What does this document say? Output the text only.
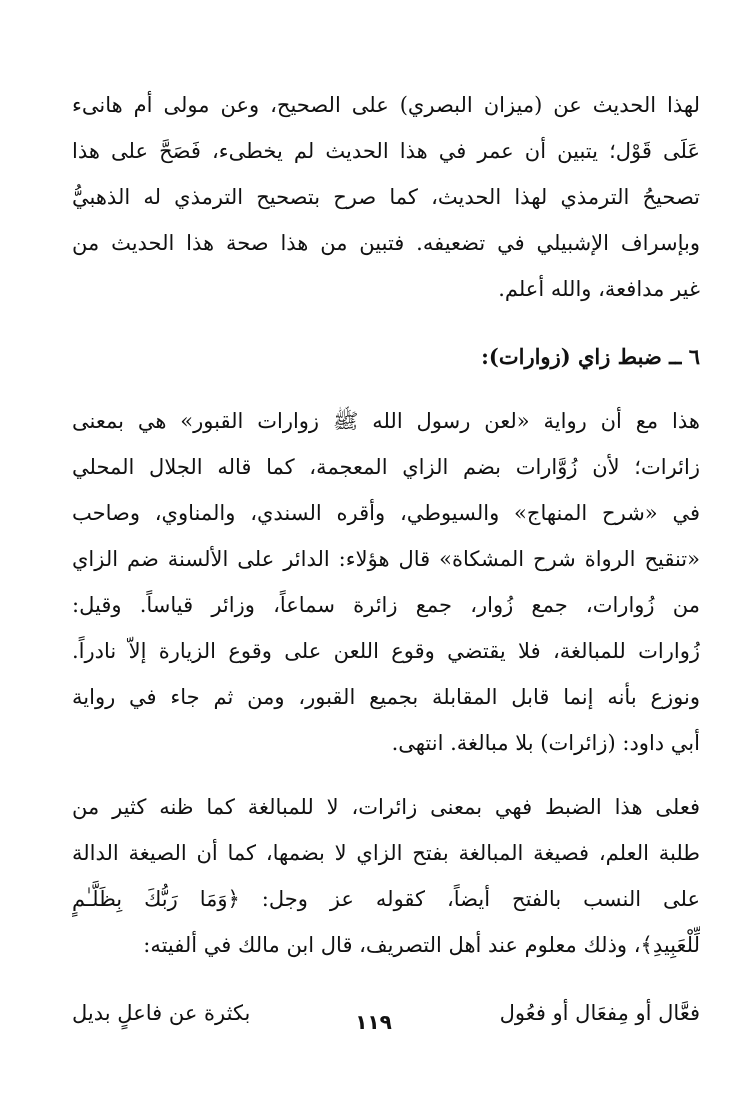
لهذا الحديث عن (ميزان البصري) على الصحيح، وعن مولى أم هانىء
عَلَى قَوْل؛ يتبين أن عمر في هذا الحديث لم يخطىء، فَصَحَّ على هذا
تصحيحُ الترمذي لهذا الحديث، كما صرح بتصحيح الترمذي له الذهبيُّ
وبإسراف الإشبيلي في تضعيفه. فتبين من هذا صحة هذا الحديث من
غير مدافعة، والله أعلم.
٦ ــ ضبط زاي (زوارات):
هذا مع أن رواية «لعن رسول الله ﷺ زوارات القبور» هي بمعنى
زائرات؛ لأن زُوَّارات بضم الزاي المعجمة، كما قاله الجلال المحلي
في «شرح المنهاج» والسيوطي، وأقره السندي، والمناوي، وصاحب
«تنقيح الرواة شرح المشكاة» قال هؤلاء: الدائر على الألسنة ضم الزاي
من زُوارات، جمع زُوار، جمع زائرة سماعاً، وزائر قياساً. وقيل:
زُوارات للمبالغة، فلا يقتضي وقوع اللعن على وقوع الزيارة إلاّ نادراً.
ونوزع بأنه إنما قابل المقابلة بجميع القبور، ومن ثم جاء في رواية
أبي داود: (زائرات) بلا مبالغة. انتهى.
فعلى هذا الضبط فهي بمعنى زائرات، لا للمبالغة كما ظنه كثير من
طلبة العلم، فصيغة المبالغة بفتح الزاي لا بضمها، كما أن الصيغة الدالة
على النسب بالفتح أيضاً، كقوله عز وجل: ﴿وَمَا رَبُّكَ بِظَلَّـٰمٍ
لِّلْعَبِيدِ﴾، وذلك معلوم عند أهل التصريف، قال ابن مالك في ألفيته:
فعَّال أو مِفعَال أو فعُول
بكثرة عن فاعلٍ بديل	١١٩
